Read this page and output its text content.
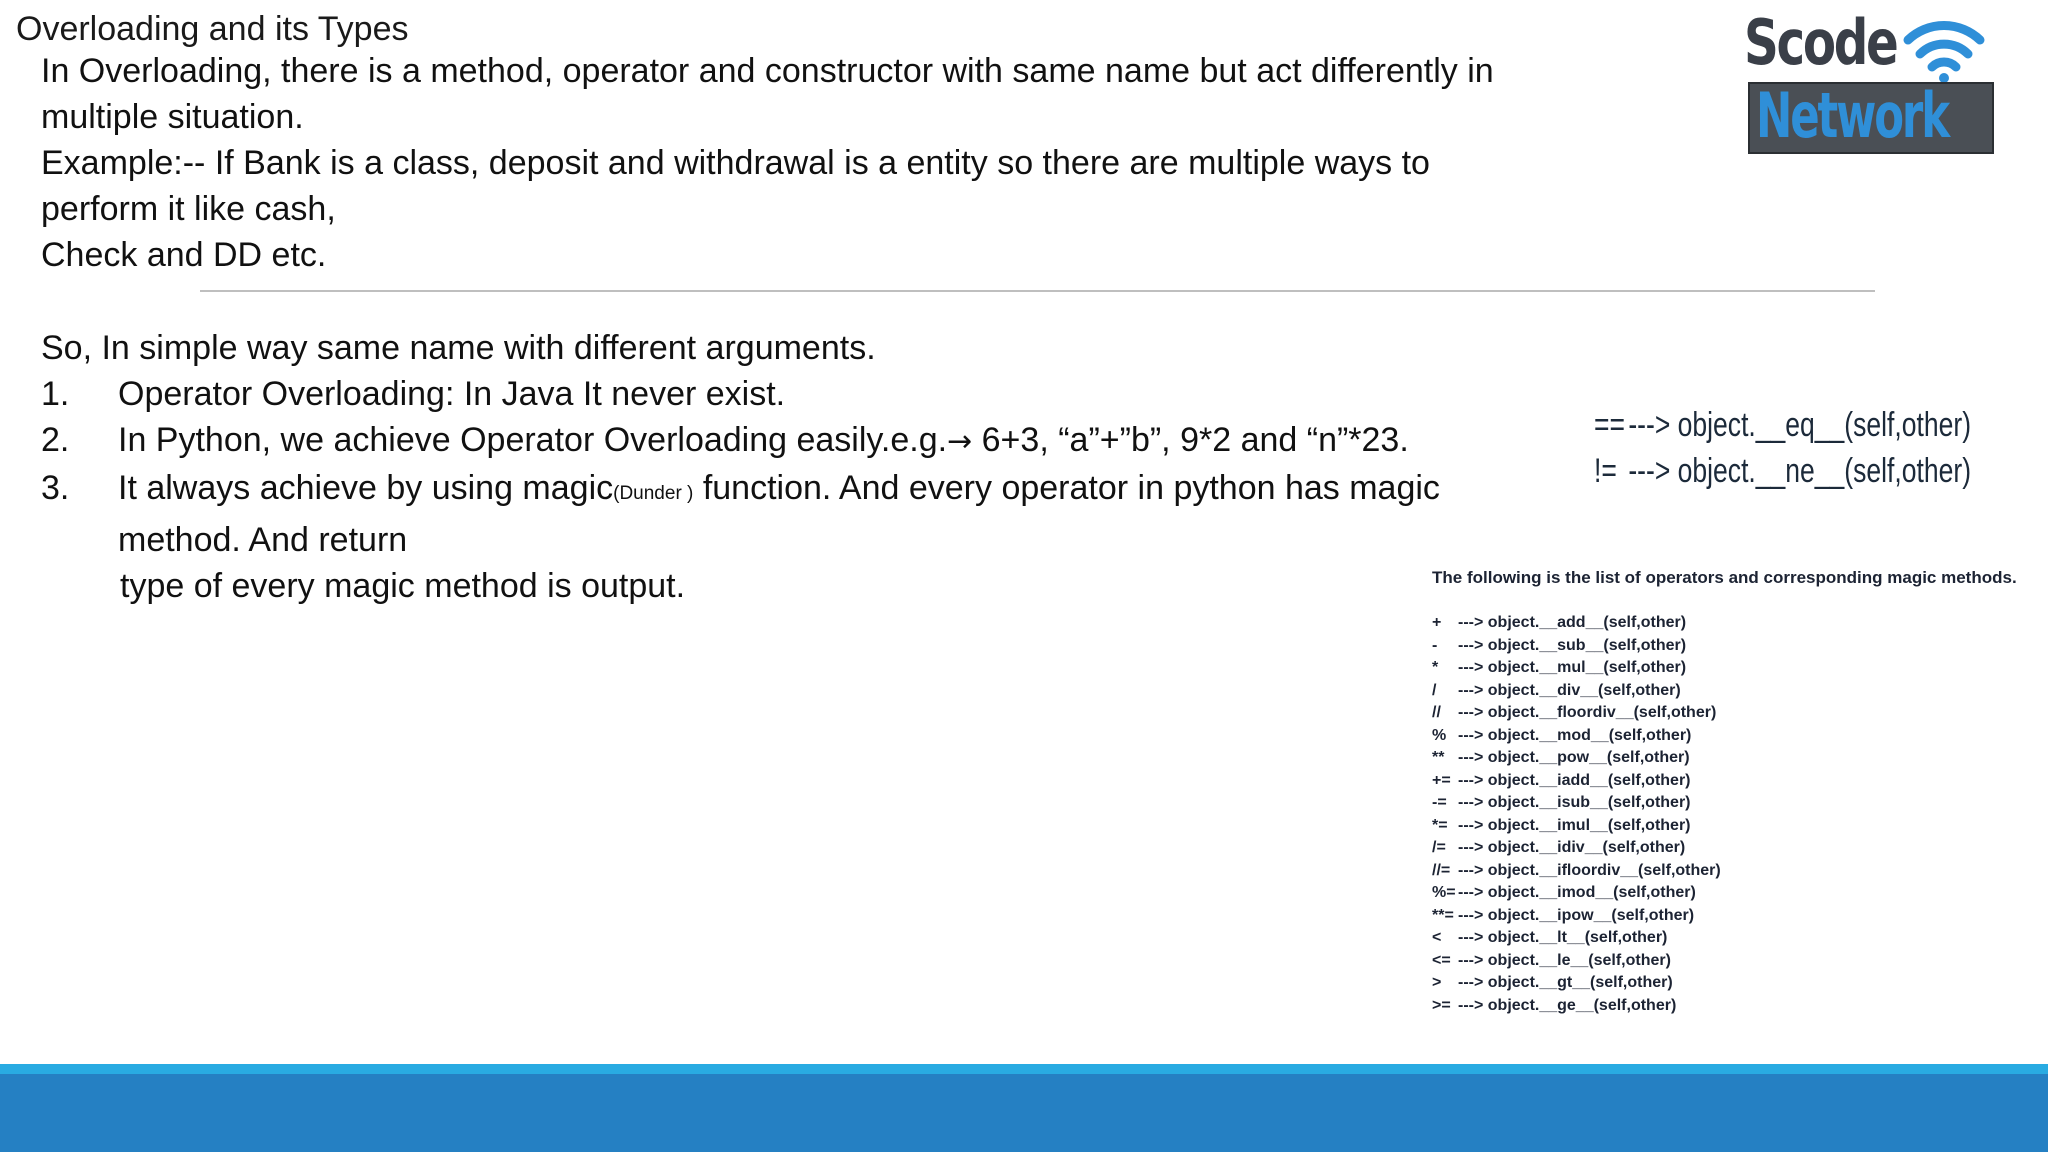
Overloading and its Types
In Overloading, there is a method, operator and constructor with same name but act differently in
multiple situation.
Example:-- If Bank is a class, deposit and withdrawal is a entity so there are multiple ways to
perform it like cash,
Check and DD etc.
So, In simple way same name with different arguments.
1. Operator Overloading: In Java It never exist.
2. In Python, we achieve Operator Overloading easily.e.g.→ 6+3, “a”+”b”, 9*2 and “n”*23.
3. It always achieve by using magic(Dunder ) function. And every operator in python has magic
method. And return
type of every magic method is output.
Scode
Network
==---> object.__eq__(self,other)
!= ---> object.__ne__(self,other)
The following is the list of operators and corresponding magic methods.
+ ---> object.__add__(self,other)
- ---> object.__sub__(self,other)
* ---> object.__mul__(self,other)
/ ---> object.__div__(self,other)
// ---> object.__floordiv__(self,other)
% ---> object.__mod__(self,other)
** ---> object.__pow__(self,other)
+= ---> object.__iadd__(self,other)
-= ---> object.__isub__(self,other)
*= ---> object.__imul__(self,other)
/= ---> object.__idiv__(self,other)
//= ---> object.__ifloordiv__(self,other)
%= ---> object.__imod__(self,other)
**= ---> object.__ipow__(self,other)
< ---> object.__lt__(self,other)
<= ---> object.__le__(self,other)
> ---> object.__gt__(self,other)
>= ---> object.__ge__(self,other)
